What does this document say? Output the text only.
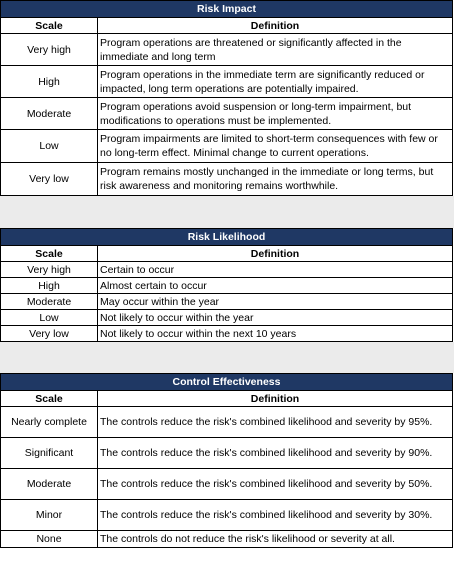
Risk Impact	
Scale	Definition
Very high	Program operations are threatened or significantly affected in the immediate and long term
High	Program operations in the immediate term are significantly reduced or impacted, long term operations are potentially impaired.
Moderate	Program operations avoid suspension or long-term impairment, but modifications to operations must be implemented.
Low	Program impairments are limited to short-term consequences with few or no long-term effect. Minimal change to current operations.
Very low	Program remains mostly unchanged in the immediate or long terms, but risk awareness and monitoring remains worthwhile.
Risk Likelihood	
Scale	Definition
Very high	Certain to occur
High	Almost certain to occur
Moderate	May occur within the year
Low	Not likely to occur within the year
Very low	Not likely to occur within the next 10 years
Control Effectiveness	
Scale	Definition
Nearly complete	The controls reduce the risk's combined likelihood and severity by 95%.
Significant	The controls reduce the risk's combined likelihood and severity by 90%.
Moderate	The controls reduce the risk's combined likelihood and severity by 50%.
Minor	The controls reduce the risk's combined likelihood and severity by 30%.
None	The controls do not reduce the risk's likelihood or severity at all.
